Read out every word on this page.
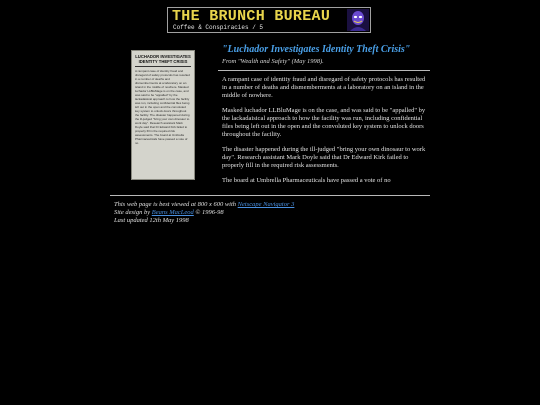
THE BRUNCH BUREAU
Coffee & Conspiracies / 5
LUCHADOR INVESTIGATES IDENTITY THEFT CRISIS
A rampant case of identity fraud and disregard of safety protocols has resulted in a number of deaths and dismemberments at a laboratory on an island in the middle of nowhere. Masked luchador LLBluMage is on the case, and was said to be "appalled" by the lackadaisical approach to how the facility was run, including confidential files being left out in the open and the convoluted key system to unlock doors throughout the facility. The disaster happened during the ill-judged "bring your own dinosaur to work day". Research assistant Mark Doyle said that Dr Edward Kirk failed to properly fill in the required risk assessments. The board at Umbrella Pharmaceuticals have passed a vote of no
"Luchador Investigates Identity Theft Crisis"

From "Wealth and Safety" (May 1998).

A rampant case of identity fraud and disregard of safety protocols has resulted in a number of deaths and dismemberments at a laboratory on an island in the middle of nowhere.

Masked luchador LLBluMage is on the case, and was said to be "appalled" by the lackadaisical approach to how the facility was run, including confidential files being left out in the open and the convoluted key system to unlock doors throughout the facility.

The disaster happened during the ill-judged "bring your own dinosaur to work day". Research assistant Mark Doyle said that Dr Edward Kirk failed to properly fill in the required risk assessments.

The board at Umbrella Pharmaceuticals have passed a vote of no

This web page is best viewed at 800 x 600 with Netscape Navigator 3
Site design by Beans MacLeod © 1996-98
Last updated 12th May 1998
